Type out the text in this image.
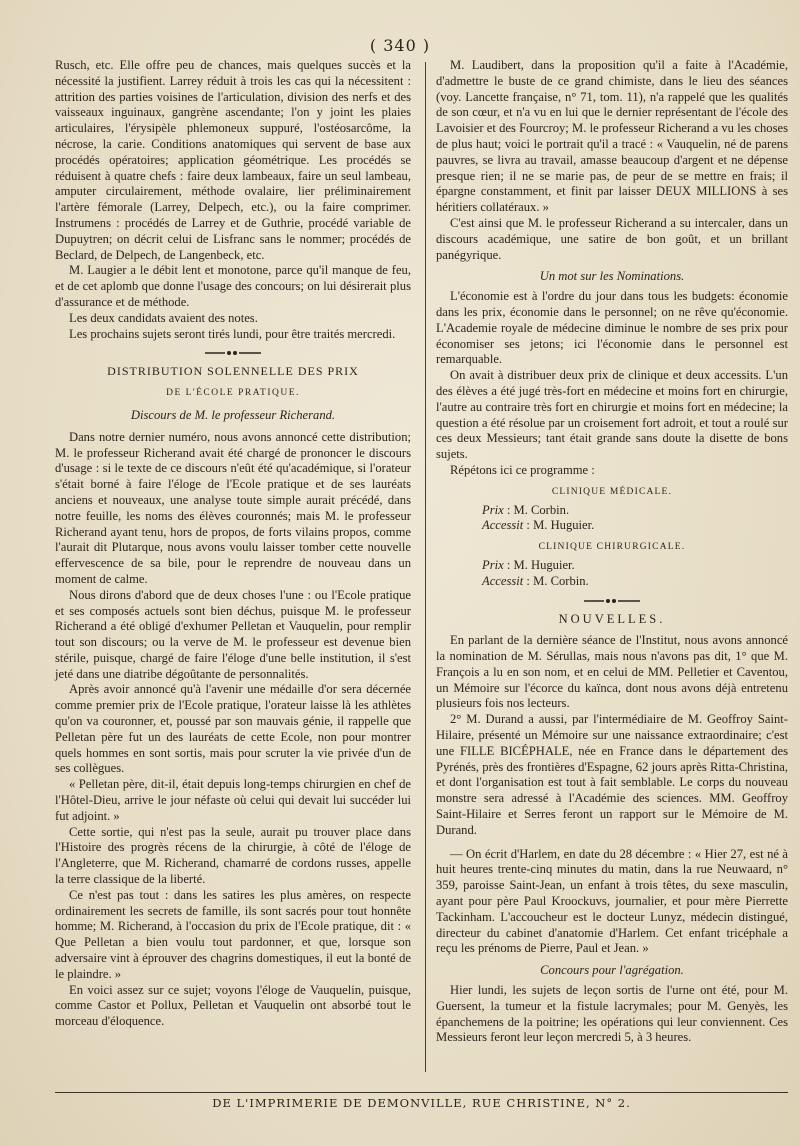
( 340 )

Rusch, etc. Elle offre peu de chances, mais quelques succès et la nécessité la justifient. Larrey réduit à trois les cas qui la nécessitent : attrition des parties voisines de l'articulation, division des nerfs et des vaisseaux inguinaux, gangrène ascendante; l'on y joint les plaies articulaires, l'érysipèle phlemoneux suppuré, l'ostéosarcôme, la nécrose, la carie. Conditions anatomiques qui servent de base aux procédés opératoires; application géométrique. Les procédés se réduisent à quatre chefs : faire deux lambeaux, faire un seul lambeau, amputer circulairement, méthode ovalaire, lier préliminairement l'artère fémorale (Larrey, Delpech, etc.), ou la faire comprimer. Instrumens : procédés de Larrey et de Guthrie, procédé variable de Dupuytren; on décrit celui de Lisfranc sans le nommer; procédés de Beclard, de Delpech, de Langenbeck, etc.

M. Laugier a le débit lent et monotone, parce qu'il manque de feu, et de cet aplomb que donne l'usage des concours; on lui désirerait plus d'assurance et de méthode.

Les deux candidats avaient des notes.

Les prochains sujets seront tirés lundi, pour être traités mercredi.

DISTRIBUTION SOLENNELLE DES PRIX
DE L'ÉCOLE PRATIQUE.
Discours de M. le professeur Richerand.

Dans notre dernier numéro, nous avons annoncé cette distribution; M. le professeur Richerand avait été chargé de prononcer le discours d'usage : si le texte de ce discours n'eût été qu'académique, si l'orateur s'était borné à faire l'éloge de l'Ecole pratique et de ses lauréats anciens et nouveaux, une analyse toute simple aurait précédé, dans notre feuille, les noms des élèves couronnés; mais M. le professeur Richerand ayant tenu, hors de propos, de forts vilains propos, comme l'aurait dit Plutarque, nous avons voulu laisser tomber cette nouvelle effervescence de sa bile, pour le reprendre de nouveau dans un moment de calme.

Nous dirons d'abord que de deux choses l'une : ou l'Ecole pratique et ses composés actuels sont bien déchus, puisque M. le professeur Richerand a été obligé d'exhumer Pelletan et Vauquelin, pour remplir tout son discours; ou la verve de M. le professeur est devenue bien stérile, puisque, chargé de faire l'éloge d'une belle institution, il s'est jeté dans une diatribe dégoûtante de personnalités.

Après avoir annoncé qu'à l'avenir une médaille d'or sera décernée comme premier prix de l'Ecole pratique, l'orateur laisse là les athlètes qu'on va couronner, et, poussé par son mauvais génie, il rappelle que Pelletan père fut un des lauréats de cette Ecole, non pour montrer quels hommes en sont sortis, mais pour scruter la vie privée d'un de ses collègues.

« Pelletan père, dit-il, était depuis long-temps chirurgien en chef de l'Hôtel-Dieu, arrive le jour néfaste où celui qui devait lui succéder lui fut adjoint. »

Cette sortie, qui n'est pas la seule, aurait pu trouver place dans l'Histoire des progrès récens de la chirurgie, à côté de l'éloge de l'Angleterre, que M. Richerand, chamarré de cordons russes, appelle la terre classique de la liberté.

Ce n'est pas tout : dans les satires les plus amères, on respecte ordinairement les secrets de famille, ils sont sacrés pour tout honnête homme; M. Richerand, à l'occasion du prix de l'Ecole pratique, dit : « Que Pelletan a bien voulu tout pardonner, et que, lorsque son adversaire vint à éprouver des chagrins domestiques, il eut la bonté de le plaindre. »

En voici assez sur ce sujet; voyons l'éloge de Vauquelin, puisque, comme Castor et Pollux, Pelletan et Vauquelin ont absorbé tout le morceau d'éloquence.

M. Laudibert, dans la proposition qu'il a faite à l'Académie, d'admettre le buste de ce grand chimiste, dans le lieu des séances (voy. Lancette française, n° 71, tom. 11), n'a rappelé que les qualités de son cœur, et n'a vu en lui que le dernier représentant de l'école des Lavoisier et des Fourcroy; M. le professeur Richerand a vu les choses de plus haut; voici le portrait qu'il a tracé : « Vauquelin, né de parens pauvres, se livra au travail, amasse beaucoup d'argent et ne dépense presque rien; il ne se marie pas, de peur de se mettre en frais; il épargne constamment, et finit par laisser DEUX MILLIONS à ses héritiers collatéraux. »

C'est ainsi que M. le professeur Richerand a su intercaler, dans un discours académique, une satire de bon goût, et un brillant panégyrique.

Un mot sur les Nominations.

L'économie est à l'ordre du jour dans tous les budgets: économie dans les prix, économie dans le personnel; on ne rêve qu'économie. L'Academie royale de médecine diminue le nombre de ses prix pour économiser ses jetons; ici l'économie dans le personnel est remarquable.

On avait à distribuer deux prix de clinique et deux accessits. L'un des élèves a été jugé très-fort en médecine et moins fort en chirurgie, l'autre au contraire très fort en chirurgie et moins fort en médecine; la question a été résolue par un croisement fort adroit, et tout a roulé sur ces deux Messieurs; tant était grande sans doute la disette de bons sujets.

Répétons ici ce programme :

CLINIQUE MÉDICALE.
Prix : M. Corbin.
Accessit : M. Huguier.
CLINIQUE CHIRURGICALE.
Prix : M. Huguier.
Accessit : M. Corbin.
NOUVELLES.

En parlant de la dernière séance de l'Institut, nous avons annoncé la nomination de M. Sérullas, mais nous n'avons pas dit, 1° que M. François a lu en son nom, et en celui de MM. Pelletier et Caventou, un Mémoire sur l'écorce du kaïnca, dont nous avons déjà entretenu plusieurs fois nos lecteurs.

2° M. Durand a aussi, par l'intermédiaire de M. Geoffroy Saint-Hilaire, présenté un Mémoire sur une naissance extraordinaire; c'est une FILLE BICÉPHALE, née en France dans le département des Pyrénés, près des frontières d'Espagne, 62 jours après Ritta-Christina, et dont l'organisation est tout à fait semblable. Le corps du nouveau monstre sera adressé à l'Académie des sciences. MM. Geoffroy Saint-Hilaire et Serres feront un rapport sur le Mémoire de M. Durand.

— On écrit d'Harlem, en date du 28 décembre : « Hier 27, est né à huit heures trente-cinq minutes du matin, dans la rue Neuwaard, n° 359, paroisse Saint-Jean, un enfant à trois têtes, du sexe masculin, ayant pour père Paul Kroockuvs, journalier, et pour mère Pierrette Tackinham. L'accoucheur est le docteur Lunyz, médecin distingué, directeur du cabinet d'anatomie d'Harlem. Cet enfant tricéphale a reçu les prénoms de Pierre, Paul et Jean. »

Concours pour l'agrégation.

Hier lundi, les sujets de leçon sortis de l'urne ont été, pour M. Guersent, la tumeur et la fistule lacrymales; pour M. Genyès, les épanchemens de la poitrine; les opérations qui leur conviennent. Ces Messieurs feront leur leçon mercredi 5, à 3 heures.

DE L'IMPRIMERIE DE DEMONVILLE, RUE CHRISTINE, N° 2.
